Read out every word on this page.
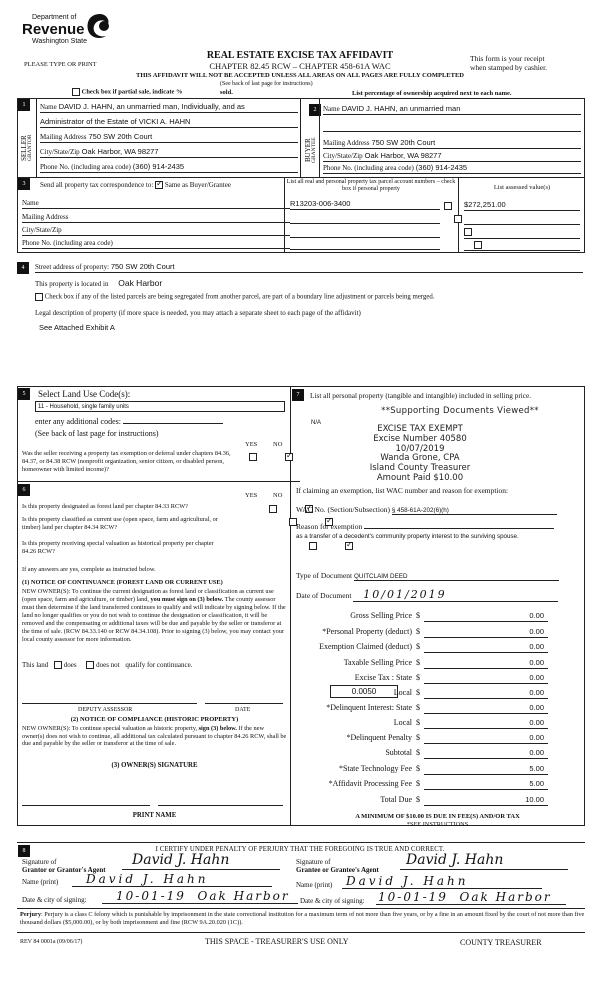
Department of
Revenue
Washington State
PLEASE TYPE OR PRINT
REAL ESTATE EXCISE TAX AFFIDAVIT
CHAPTER 82.45 RCW – CHAPTER 458-61A WAC
This form is your receipt
when stamped by cashier.
THIS AFFIDAVIT WILL NOT BE ACCEPTED UNLESS ALL AREAS ON ALL PAGES ARE FULLY COMPLETED
(See back of last page for instructions)
Check box if partial sale, indicate %	sold.	List percentage of ownership acquired next to each name.
1
SELLER GRANTOR
Name DAVID J. HAHN, an unmarried man, Individually, and as
Administrator of the Estate of VICKI A. HAHN
Mailing Address 750 SW 20th Court
City/State/Zip Oak Harbor, WA 98277
Phone No. (including area code) (360) 914-2435
2
BUYER GRANTEE
Name DAVID J. HAHN, an unmarried man
Mailing Address 750 SW 20th Court
City/State/Zip Oak Harbor, WA 98277
Phone No. (including area code) (360) 914-2435
3	Send all property tax correspondence to: ✓ Same as Buyer/Grantee
Name
Mailing Address
City/State/Zip
Phone No. (including area code)
List all real and personal property tax parcel account numbers – check box if personal property	List assessed value(s)
R13203-006-3400
	$272,251.00

4	Street address of property: 750 SW 20th Court
This property is located in Oak Harbor
Check box if any of the listed parcels are being segregated from another parcel, are part of a boundary line adjustment or parcels being merged.
Legal description of property (if more space is needed, you may attach a separate sheet to each page of the affidavit)
See Attached Exhibit A
5	Select Land Use Code(s):
11 - Household, single family units
enter any additional codes:
(See back of last page for instructions)
YES NO
Was the seller receiving a property tax exemption or deferral under chapters 84.36, 84.37, or 84.38 RCW (nonprofit organization, senior citizen, or disabled person, homeowner with limited income)?
✓
6
YES NO
Is this property designated as forest land per chapter 84.33 RCW?
✓
Is this property classified as current use (open space, farm and agricultural, or timber) land per chapter 84.34 RCW?
✓
Is this property receiving special valuation as historical property per chapter 84.26 RCW?
✓
If any answers are yes, complete as instructed below.
(1) NOTICE OF CONTINUANCE (FOREST LAND OR CURRENT USE)
NEW OWNER(S): To continue the current designation as forest land or classification as current use (open space, farm and agriculture, or timber) land, you must sign on (3) below. The county assessor must then determine if the land transferred continues to qualify and will indicate by signing below. If the land no longer qualifies or you do not wish to continue the designation or classification, it will be removed and the compensating or additional taxes will be due and payable by the seller or transferor at the time of sale. (RCW 84.33.140 or RCW 84.34.108). Prior to signing (3) below, you may contact your local county assessor for more information.
This land does	does not qualify for continuance.
DEPUTY ASSESSOR	DATE
(2) NOTICE OF COMPLIANCE (HISTORIC PROPERTY)
NEW OWNER(S): To continue special valuation as historic property, sign (3) below. If the new owner(s) does not wish to continue, all additional tax calculated pursuant to chapter 84.26 RCW, shall be due and payable by the seller or transferor at the time of sale.
(3) OWNER(S) SIGNATURE
PRINT NAME
7	List all personal property (tangible and intangible) included in selling price.
N/A
**Supporting Documents Viewed**
EXCISE TAX EXEMPT
Excise Number 40580
10/07/2019
Wanda Grone, CPA
Island County Treasurer
Amount Paid $10.00
If claiming an exemption, list WAC number and reason for exemption:
WAC No. (Section/Subsection) § 458-61A-202(6)(h)
Reason for exemption
as a transfer of a decedent's community property interest to the surviving spouse.
Type of Document QUITCLAIM DEED
Date of Document 10/01/2019
Gross Selling Price $	0.00
*Personal Property (deduct) $	0.00
Exemption Claimed (deduct) $	0.00
Taxable Selling Price $	0.00
Excise Tax : State $	0.00
0.0050	Local $	0.00
*Delinquent Interest: State $	0.00
Local $	0.00
*Delinquent Penalty $	0.00
Subtotal $	0.00
*State Technology Fee $	5.00
*Affidavit Processing Fee $	5.00
Total Due $	10.00
A MINIMUM OF $10.00 IS DUE IN FEE(S) AND/OR TAX
*SEE INSTRUCTIONS
8	I CERTIFY UNDER PENALTY OF PERJURY THAT THE FOREGOING IS TRUE AND CORRECT.
Signature of
Grantor or Grantor's Agent
David J. Hahn	Signature of
Grantee or Grantee's Agent
David J. Hahn
Name (print)	David J. Hahn	Name (print)	David J. Hahn
Date & city of signing:	10-01-19  Oak Harbor	Date & city of signing: 10-01-19  Oak Harbor
Perjury: Perjury is a class C felony which is punishable by imprisonment in the state correctional institution for a maximum term of not more than five years, or by a fine in an amount fixed by the court of not more than five thousand dollars ($5,000.00), or by both imprisonment and fine (RCW 9A.20.020 (1C)).
REV 84 0001a (09/06/17)	THIS SPACE - TREASURER'S USE ONLY	COUNTY TREASURER
